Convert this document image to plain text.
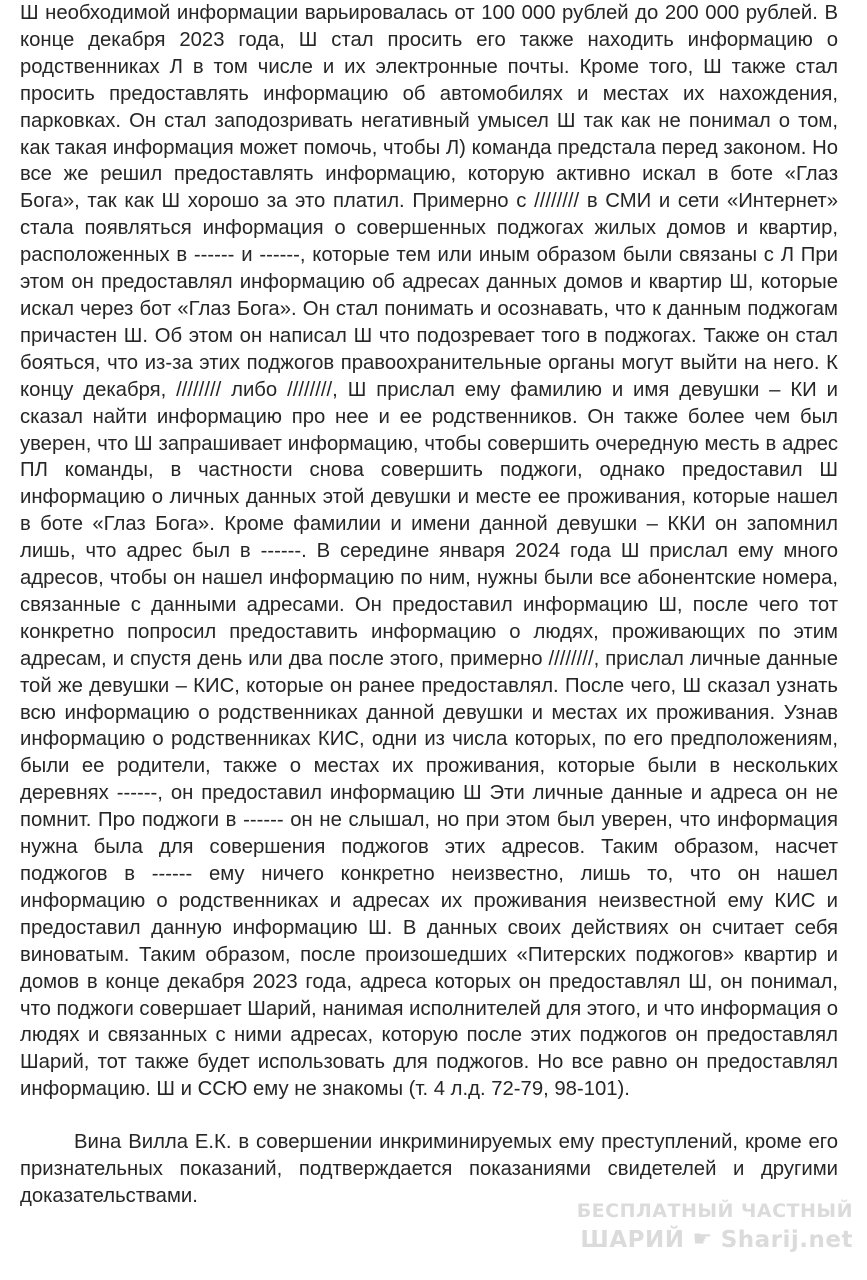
Ш необходимой информации варьировалась от 100 000 рублей до 200 000 рублей. В конце декабря 2023 года, Ш стал просить его также находить информацию о родственниках Л в том числе и их электронные почты. Кроме того, Ш также стал просить предоставлять информацию об автомобилях и местах их нахождения, парковках. Он стал заподозривать негативный умысел Ш так как не понимал о том, как такая информация может помочь, чтобы Л) команда предстала перед законом. Но все же решил предоставлять информацию, которую активно искал в боте «Глаз Бога», так как Ш хорошо за это платил. Примерно с //////// в СМИ и сети «Интернет» стала появляться информация о совершенных поджогах жилых домов и квартир, расположенных в ------ и ------, которые тем или иным образом были связаны с Л При этом он предоставлял информацию об адресах данных домов и квартир Ш, которые искал через бот «Глаз Бога». Он стал понимать и осознавать, что к данным поджогам причастен Ш. Об этом он написал Ш что подозревает того в поджогах. Также он стал бояться, что из-за этих поджогов правоохранительные органы могут выйти на него. К концу декабря, //////// либо ////////, Ш прислал ему фамилию и имя девушки – КИ и сказал найти информацию про нее и ее родственников. Он также более чем был уверен, что Ш запрашивает информацию, чтобы совершить очередную месть в адрес ПЛ команды, в частности снова совершить поджоги, однако предоставил Ш информацию о личных данных этой девушки и месте ее проживания, которые нашел в боте «Глаз Бога». Кроме фамилии и имени данной девушки – ККИ он запомнил лишь, что адрес был в ------. В середине января 2024 года Ш прислал ему много адресов, чтобы он нашел информацию по ним, нужны были все абонентские номера, связанные с данными адресами. Он предоставил информацию Ш, после чего тот конкретно попросил предоставить информацию о людях, проживающих по этим адресам, и спустя день или два после этого, примерно ////////, прислал личные данные той же девушки – КИС, которые он ранее предоставлял. После чего, Ш сказал узнать всю информацию о родственниках данной девушки и местах их проживания. Узнав информацию о родственниках КИС, одни из числа которых, по его предположениям, были ее родители, также о местах их проживания, которые были в нескольких деревнях ------, он предоставил информацию Ш Эти личные данные и адреса он не помнит. Про поджоги в ------ он не слышал, но при этом был уверен, что информация нужна была для совершения поджогов этих адресов. Таким образом, насчет поджогов в ------ ему ничего конкретно неизвестно, лишь то, что он нашел информацию о родственниках и адресах их проживания неизвестной ему КИС и предоставил данную информацию Ш. В данных своих действиях он считает себя виноватым. Таким образом, после произошедших «Питерских поджогов» квартир и домов в конце декабря 2023 года, адреса которых он предоставлял Ш, он понимал, что поджоги совершает Шарий, нанимая исполнителей для этого, и что информация о людях и связанных с ними адресах, которую после этих поджогов он предоставлял Шарий, тот также будет использовать для поджогов. Но все равно он предоставлял информацию. Ш и ССЮ ему не знакомы (т. 4 л.д. 72-79, 98-101).

Вина Вилла Е.К. в совершении инкриминируемых ему преступлений, кроме его признательных показаний, подтверждается показаниями свидетелей и другими доказательствами.

БЕСПЛАТНЫЙ ЧАСТНЫЙ
ШАРИЙ ☛ Sharij.net
